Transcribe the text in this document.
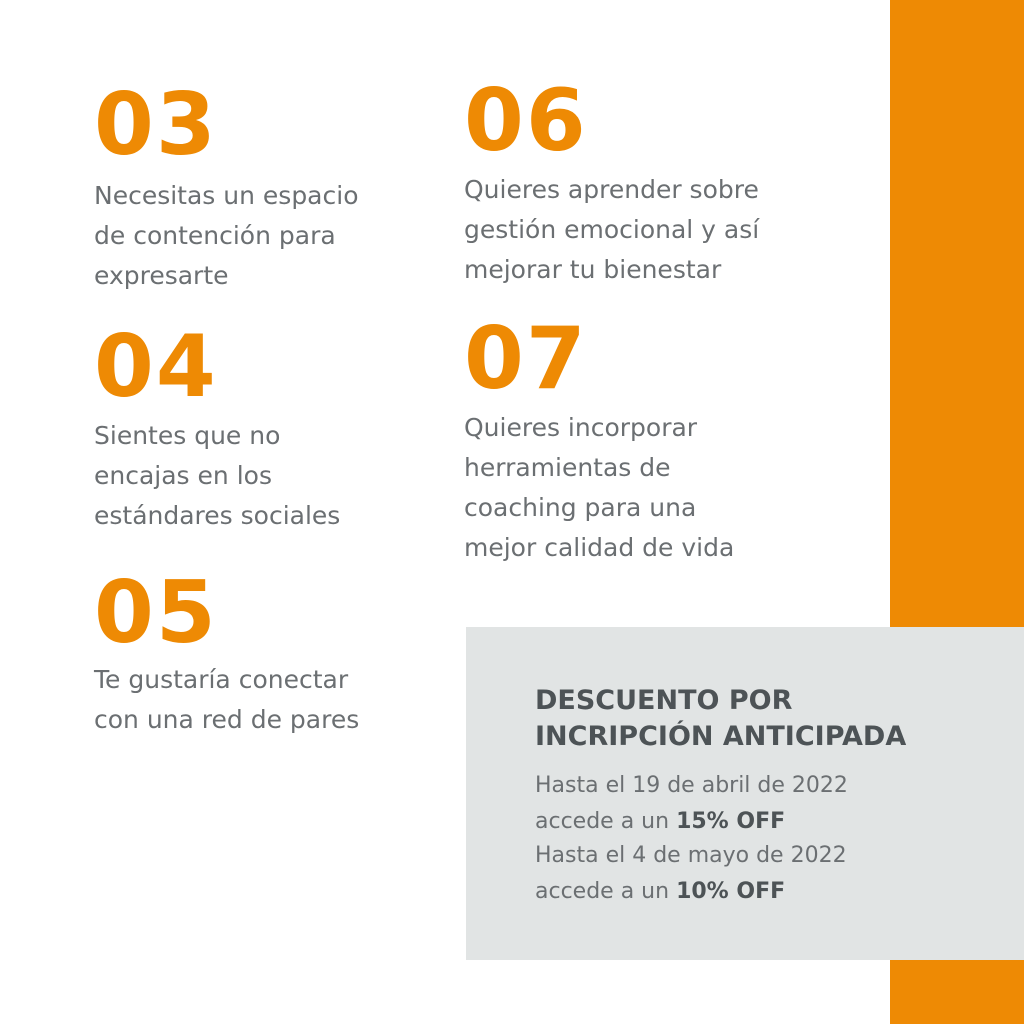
03

Necesitas un espacio
de contención para
expresarte

04

Sientes que no
encajas en los
estándares sociales

05

Te gustaría conectar
con una red de pares

06

Quieres aprender sobre
gestión emocional y así
mejorar tu bienestar

07

Quieres incorporar
herramientas de
coaching para una
mejor calidad de vida

DESCUENTO POR
INCRIPCIÓN ANTICIPADA

Hasta el 19 de abril de 2022

accede a un 15% OFF

Hasta el 4 de mayo de 2022

accede a un 10% OFF
